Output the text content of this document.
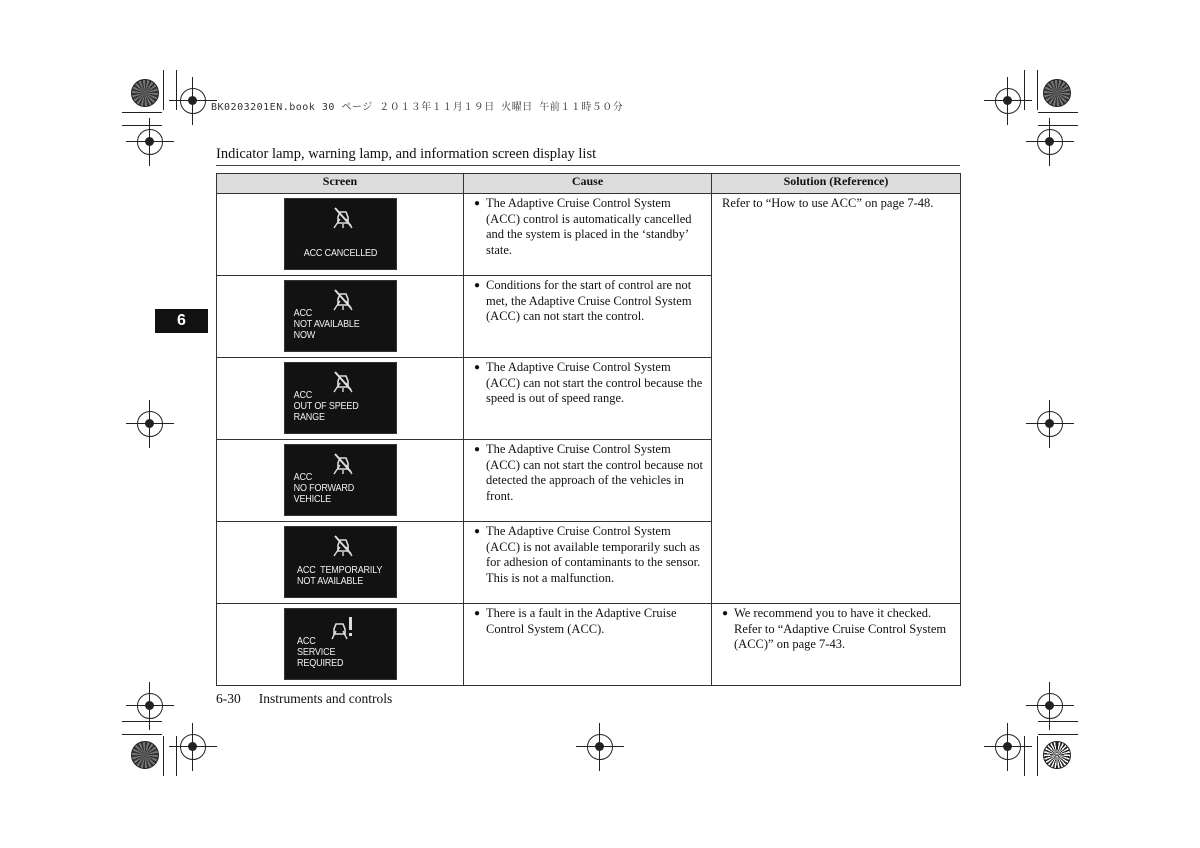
BK0203201EN.book 30 ページ ２０１３年１１月１９日 火曜日 午前１１時５０分
Indicator lamp, warning lamp, and information screen display list
6
Screen	Cause	Solution (Reference)

ACC CANCELLED	● The Adaptive Cruise Control System (ACC) control is automatically cancelled and the system is placed in the ‘standby’ state.	Refer to “How to use ACC” on page 7-48.

ACC
NOT AVAILABLE NOW	● Conditions for the start of control are not met, the Adaptive Cruise Control System (ACC) can not start the control.	

ACC
OUT OF SPEED RANGE	● The Adaptive Cruise Control System (ACC) can not start the control because the speed is out of speed range.	

ACC
NO FORWARD VEHICLE	● The Adaptive Cruise Control System (ACC) can not start the control because not detected the approach of the vehicles in front.	

ACC  TEMPORARILY
NOT AVAILABLE	● The Adaptive Cruise Control System (ACC) is not available temporarily such as for adhesion of contaminants to the sensor. This is not a malfunction.	

ACC
SERVICE REQUIRED	● There is a fault in the Adaptive Cruise Control System (ACC).	● We recommend you to have it checked. Refer to “Adaptive Cruise Control System (ACC)” on page 7-43.
6-30 Instruments and controls
